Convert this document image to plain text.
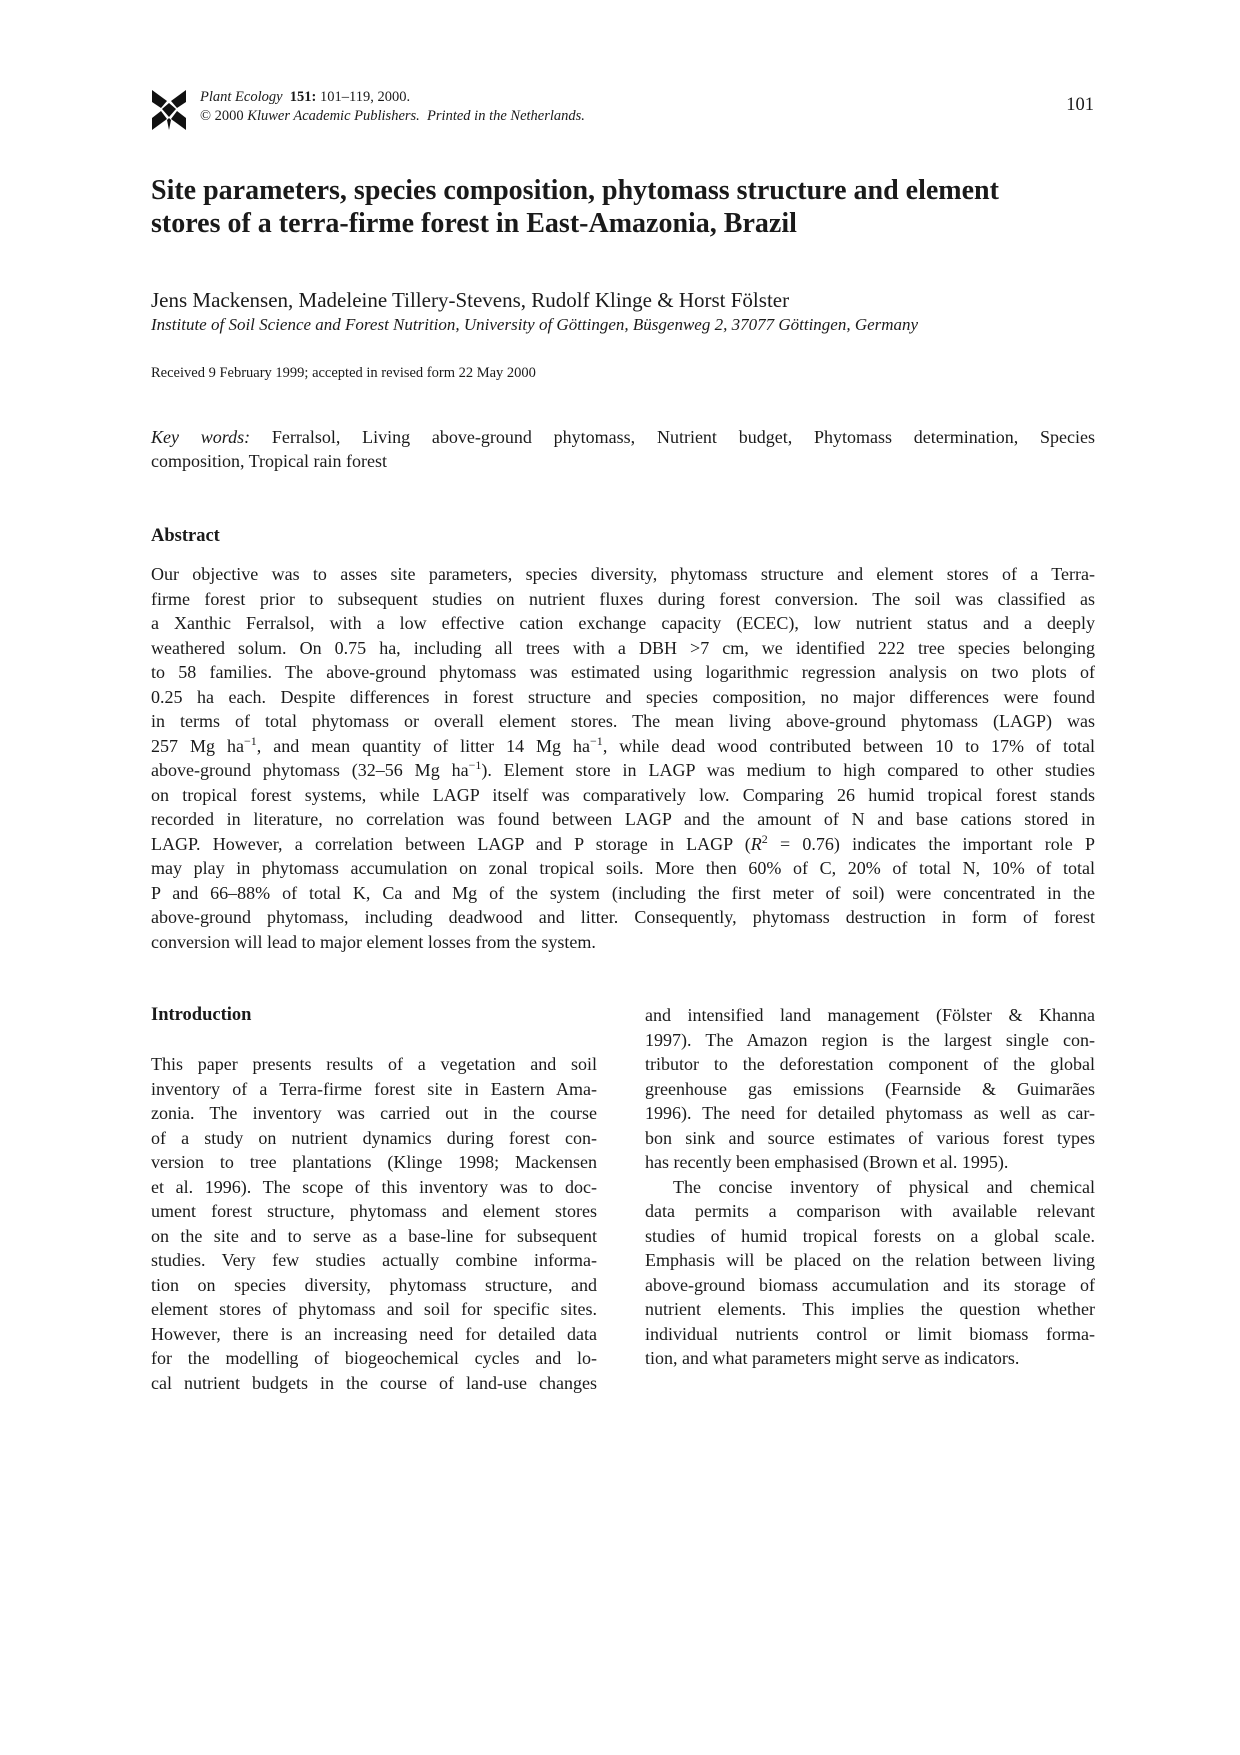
Plant Ecology 151: 101–119, 2000.
© 2000 Kluwer Academic Publishers. Printed in the Netherlands.
101
Site parameters, species composition, phytomass structure and element
stores of a terra-firme forest in East-Amazonia, Brazil
Jens Mackensen, Madeleine Tillery-Stevens, Rudolf Klinge & Horst Fölster
Institute of Soil Science and Forest Nutrition, University of Göttingen, Büsgenweg 2, 37077 Göttingen, Germany
Received 9 February 1999; accepted in revised form 22 May 2000
Key words: Ferralsol, Living above-ground phytomass, Nutrient budget, Phytomass determination, Species
composition, Tropical rain forest
Abstract
Our objective was to asses site parameters, species diversity, phytomass structure and element stores of a Terra-
firme forest prior to subsequent studies on nutrient fluxes during forest conversion. The soil was classified as
a Xanthic Ferralsol, with a low effective cation exchange capacity (ECEC), low nutrient status and a deeply
weathered solum. On 0.75 ha, including all trees with a DBH >7 cm, we identified 222 tree species belonging
to 58 families. The above-ground phytomass was estimated using logarithmic regression analysis on two plots of
0.25 ha each. Despite differences in forest structure and species composition, no major differences were found
in terms of total phytomass or overall element stores. The mean living above-ground phytomass (LAGP) was
257 Mg $ha^{-1}$, and mean quantity of litter 14 Mg $ha^{-1}$, while dead wood contributed between 10 to 17% of total
above-ground phytomass (32–56 Mg $ha^{-1}$). Element store in LAGP was medium to high compared to other studies
on tropical forest systems, while LAGP itself was comparatively low. Comparing 26 humid tropical forest stands
recorded in literature, no correlation was found between LAGP and the amount of N and base cations stored in
LAGP. However, a correlation between LAGP and P storage in LAGP $(R^2 = 0.76)$ indicates the important role P
may play in phytomass accumulation on zonal tropical soils. More then 60% of C, 20% of total N, 10% of total
P and 66–88% of total K, Ca and Mg of the system (including the first meter of soil) were concentrated in the
above-ground phytomass, including deadwood and litter. Consequently, phytomass destruction in form of forest
conversion will lead to major element losses from the system.
Introduction
This paper presents results of a vegetation and soil
inventory of a Terra-firme forest site in Eastern Ama-
zonia. The inventory was carried out in the course
of a study on nutrient dynamics during forest con-
version to tree plantations (Klinge 1998; Mackensen
et al. 1996). The scope of this inventory was to doc-
ument forest structure, phytomass and element stores
on the site and to serve as a base-line for subsequent
studies. Very few studies actually combine informa-
tion on species diversity, phytomass structure, and
element stores of phytomass and soil for specific sites.
However, there is an increasing need for detailed data
for the modelling of biogeochemical cycles and lo-
cal nutrient budgets in the course of land-use changes
and intensified land management (Fölster & Khanna
1997). The Amazon region is the largest single con-
tributor to the deforestation component of the global
greenhouse gas emissions (Fearnside & Guimarães
1996). The need for detailed phytomass as well as car-
bon sink and source estimates of various forest types
has recently been emphasised (Brown et al. 1995).
The concise inventory of physical and chemical
data permits a comparison with available relevant
studies of humid tropical forests on a global scale.
Emphasis will be placed on the relation between living
above-ground biomass accumulation and its storage of
nutrient elements. This implies the question whether
individual nutrients control or limit biomass forma-
tion, and what parameters might serve as indicators.
